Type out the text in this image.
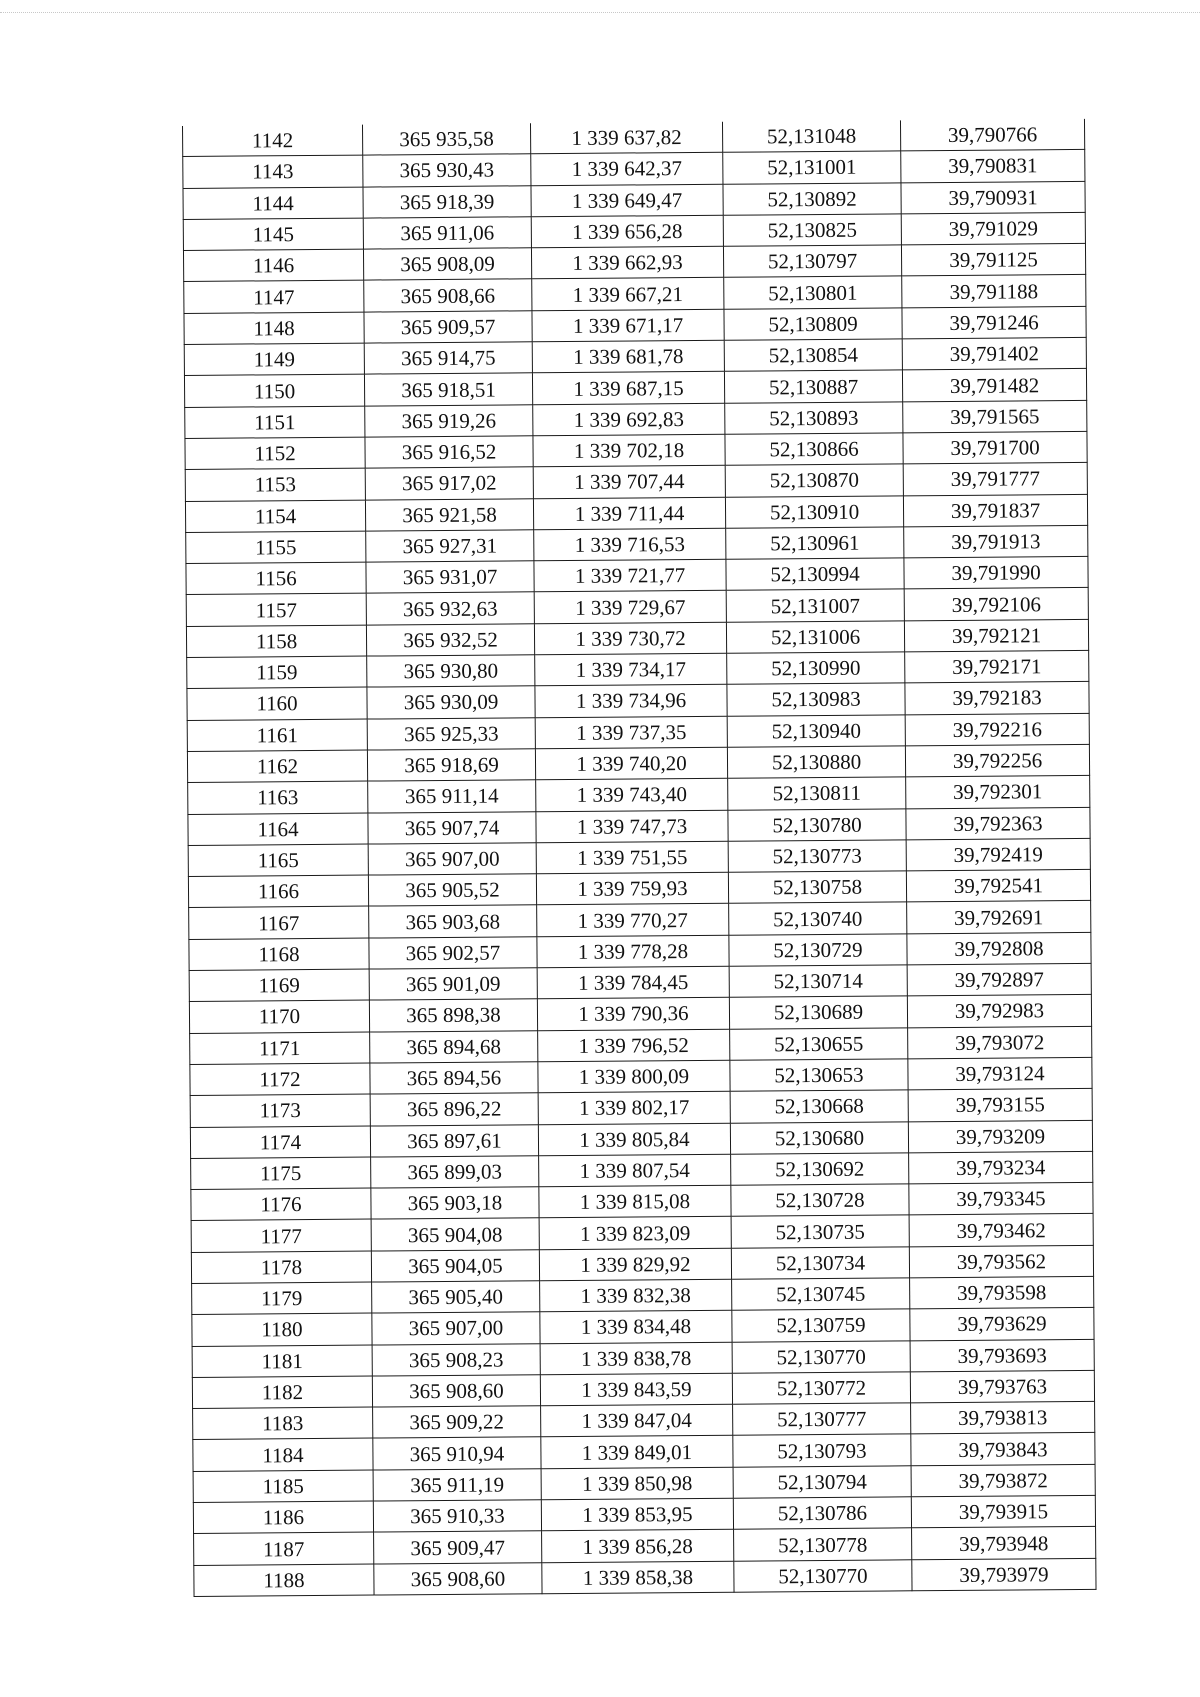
1142	365 935,58	1 339 637,82	52,131048	39,790766
1143	365 930,43	1 339 642,37	52,131001	39,790831
1144	365 918,39	1 339 649,47	52,130892	39,790931
1145	365 911,06	1 339 656,28	52,130825	39,791029
1146	365 908,09	1 339 662,93	52,130797	39,791125
1147	365 908,66	1 339 667,21	52,130801	39,791188
1148	365 909,57	1 339 671,17	52,130809	39,791246
1149	365 914,75	1 339 681,78	52,130854	39,791402
1150	365 918,51	1 339 687,15	52,130887	39,791482
1151	365 919,26	1 339 692,83	52,130893	39,791565
1152	365 916,52	1 339 702,18	52,130866	39,791700
1153	365 917,02	1 339 707,44	52,130870	39,791777
1154	365 921,58	1 339 711,44	52,130910	39,791837
1155	365 927,31	1 339 716,53	52,130961	39,791913
1156	365 931,07	1 339 721,77	52,130994	39,791990
1157	365 932,63	1 339 729,67	52,131007	39,792106
1158	365 932,52	1 339 730,72	52,131006	39,792121
1159	365 930,80	1 339 734,17	52,130990	39,792171
1160	365 930,09	1 339 734,96	52,130983	39,792183
1161	365 925,33	1 339 737,35	52,130940	39,792216
1162	365 918,69	1 339 740,20	52,130880	39,792256
1163	365 911,14	1 339 743,40	52,130811	39,792301
1164	365 907,74	1 339 747,73	52,130780	39,792363
1165	365 907,00	1 339 751,55	52,130773	39,792419
1166	365 905,52	1 339 759,93	52,130758	39,792541
1167	365 903,68	1 339 770,27	52,130740	39,792691
1168	365 902,57	1 339 778,28	52,130729	39,792808
1169	365 901,09	1 339 784,45	52,130714	39,792897
1170	365 898,38	1 339 790,36	52,130689	39,792983
1171	365 894,68	1 339 796,52	52,130655	39,793072
1172	365 894,56	1 339 800,09	52,130653	39,793124
1173	365 896,22	1 339 802,17	52,130668	39,793155
1174	365 897,61	1 339 805,84	52,130680	39,793209
1175	365 899,03	1 339 807,54	52,130692	39,793234
1176	365 903,18	1 339 815,08	52,130728	39,793345
1177	365 904,08	1 339 823,09	52,130735	39,793462
1178	365 904,05	1 339 829,92	52,130734	39,793562
1179	365 905,40	1 339 832,38	52,130745	39,793598
1180	365 907,00	1 339 834,48	52,130759	39,793629
1181	365 908,23	1 339 838,78	52,130770	39,793693
1182	365 908,60	1 339 843,59	52,130772	39,793763
1183	365 909,22	1 339 847,04	52,130777	39,793813
1184	365 910,94	1 339 849,01	52,130793	39,793843
1185	365 911,19	1 339 850,98	52,130794	39,793872
1186	365 910,33	1 339 853,95	52,130786	39,793915
1187	365 909,47	1 339 856,28	52,130778	39,793948
1188	365 908,60	1 339 858,38	52,130770	39,793979
